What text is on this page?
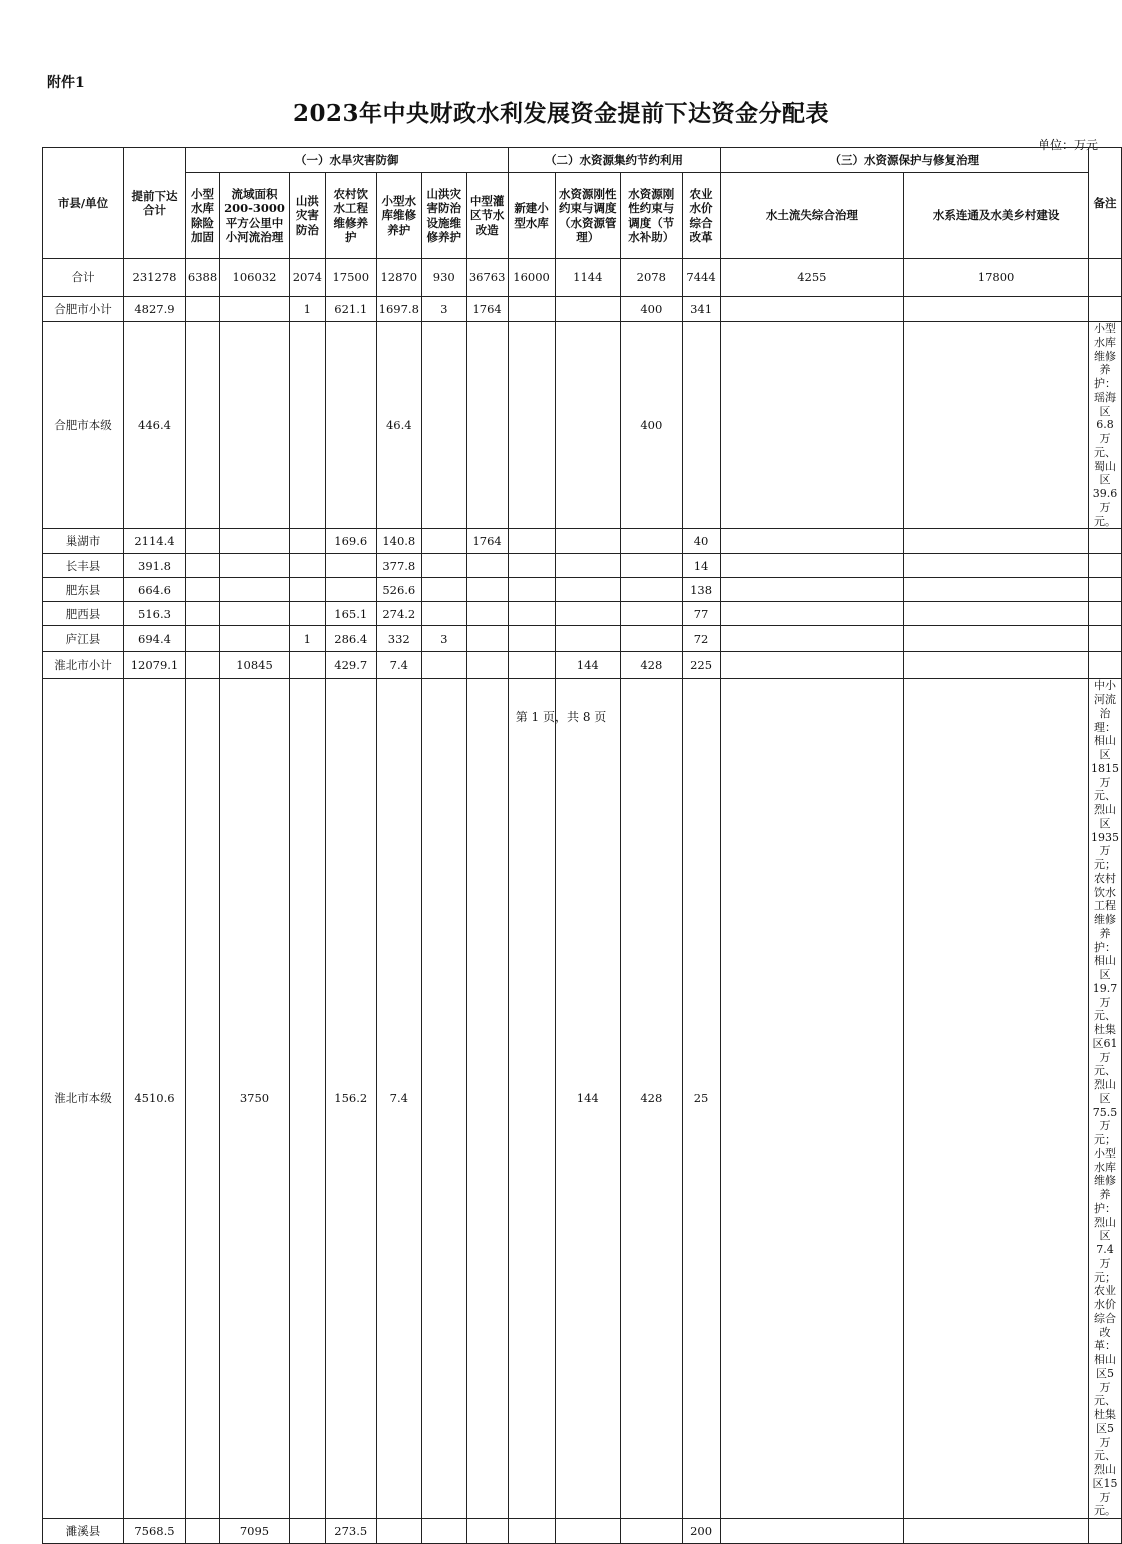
附件1
2023年中央财政水利发展资金提前下达资金分配表
单位：万元
市县/单位	提前下达合计	（一）水旱灾害防御							（二）水资源集约节约利用				（三）水资源保护与修复治理		备注
		小型水库除险加固	流域面积200-3000平方公里中小河流治理	山洪灾害防治	农村饮水工程维修养护	小型水库维修养护	山洪灾害防治设施维修养护	中型灌区节水改造	新建小型水库	水资源刚性约束与调度（水资源管理）	水资源刚性约束与调度（节水补助）	农业水价综合改革	水土流失综合治理	水系连通及水美乡村建设	
合计	231278	6388	106032	2074	17500	12870	930	36763	16000	1144	2078	7444	4255	17800	
合肥市小计	4827.9			1	621.1	1697.8	3	1764			400	341			
合肥市本级	446.4					46.4					400				小型水库维修养护：瑶海区6.8万元、蜀山区39.6万元。
巢湖市	2114.4				169.6	140.8		1764				40			
长丰县	391.8					377.8						14			
肥东县	664.6					526.6						138			
肥西县	516.3				165.1	274.2						77			
庐江县	694.4			1	286.4	332	3					72			
淮北市小计	12079.1		10845		429.7	7.4				144	428	225			
淮北市本级	4510.6		3750		156.2	7.4				144	428	25			中小河流治理：相山区1815万元、烈山区1935万元；农村饮水工程维修养护：相山区19.7万元、杜集区61万元、烈山区75.5万元；小型水库维修养护：烈山区7.4万元；农业水价综合改革：相山区5万元、杜集区5万元、烈山区15万元。
濉溪县	7568.5		7095		273.5							200			
第 1 页，共 8 页
